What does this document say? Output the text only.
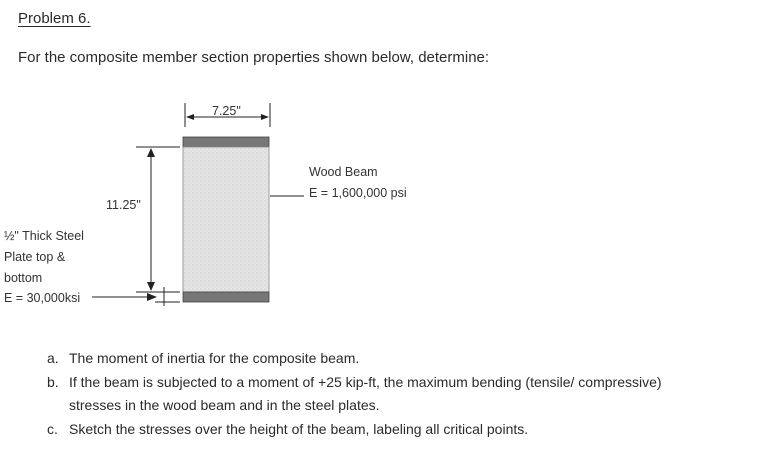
Problem 6.
For the composite member section properties shown below, determine:
7.25"
11.25"
Wood Beam
E = 1,600,000 psi
½" Thick Steel
Plate top &
bottom
E = 30,000ksi
a. The moment of inertia for the composite beam.
b. If the beam is subjected to a moment of +25 kip-ft, the maximum bending (tensile/ compressive)
stresses in the wood beam and in the steel plates.
c. Sketch the stresses over the height of the beam, labeling all critical points.
